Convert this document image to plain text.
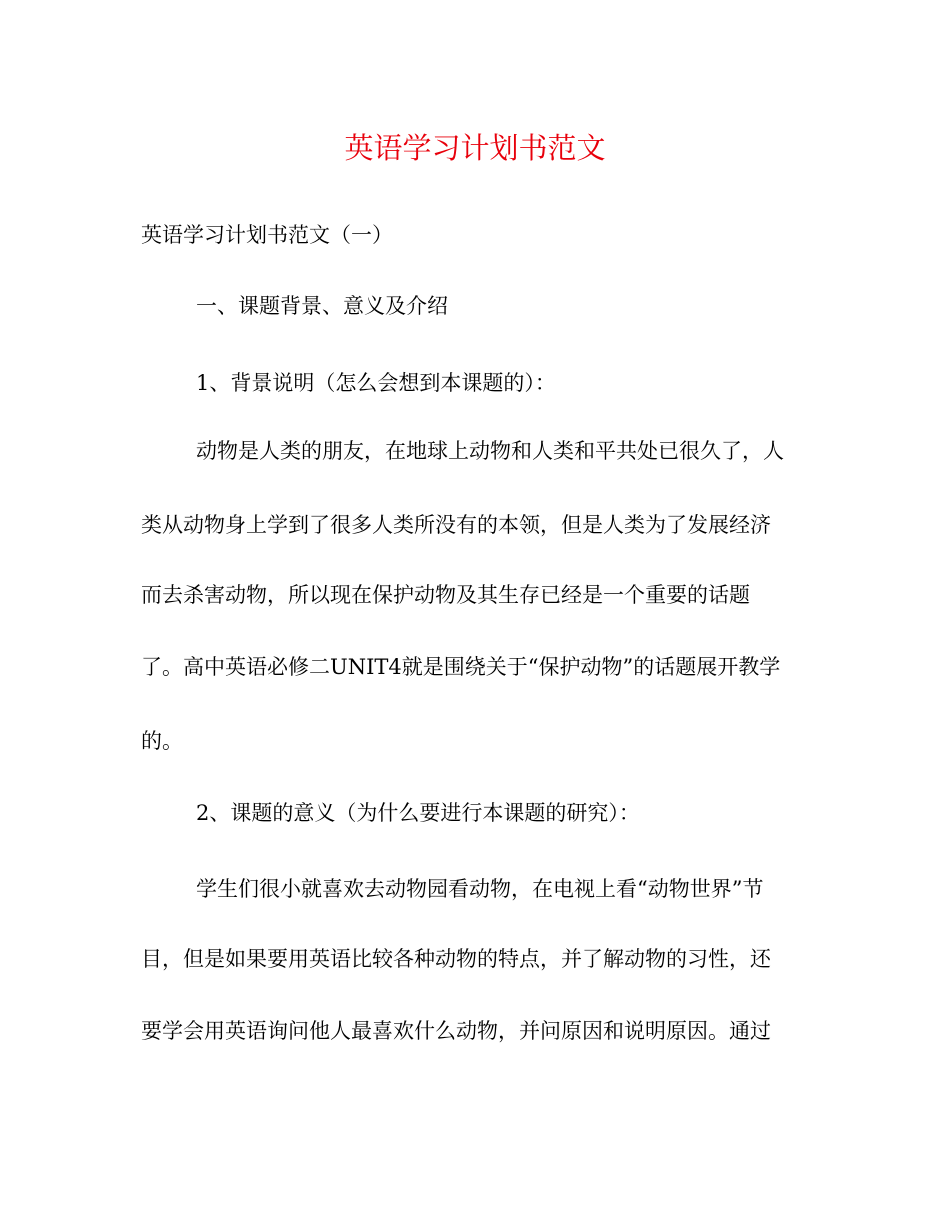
英语学习计划书范文

英语学习计划书范文（一）

一、课题背景、意义及介绍

1、背景说明（怎么会想到本课题的）：

动物是人类的朋友，在地球上动物和人类和平共处已很久了，人

类从动物身上学到了很多人类所没有的本领，但是人类为了发展经济

而去杀害动物，所以现在保护动物及其生存已经是一个重要的话题

了。高中英语必修二UNIT4就是围绕关于“保护动物”的话题展开教学

的。

2、课题的意义（为什么要进行本课题的研究）：

学生们很小就喜欢去动物园看动物，在电视上看“动物世界”节

目，但是如果要用英语比较各种动物的特点，并了解动物的习性，还

要学会用英语询问他人最喜欢什么动物，并问原因和说明原因。通过
